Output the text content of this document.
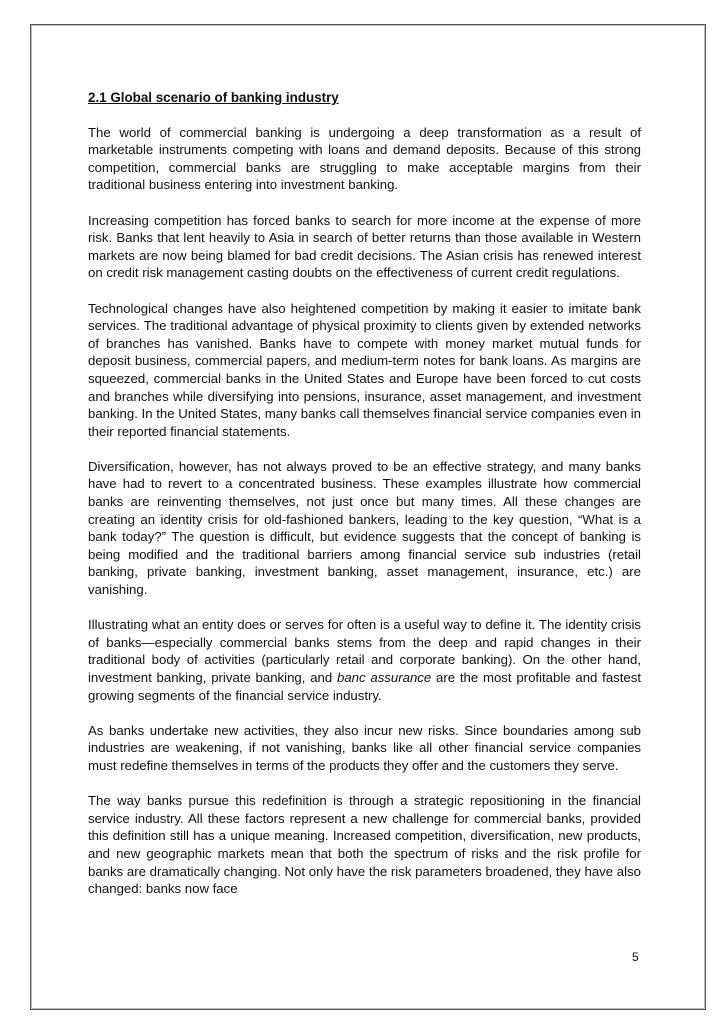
2.1 Global scenario of banking industry

The world of commercial banking is undergoing a deep transformation as a result of marketable instruments competing with loans and demand deposits. Because of this strong competition, commercial banks are struggling to make acceptable margins from their traditional business entering into investment banking.

Increasing competition has forced banks to search for more income at the expense of more risk. Banks that lent heavily to Asia in search of better returns than those available in Western markets are now being blamed for bad credit decisions. The Asian crisis has renewed interest on credit risk management casting doubts on the effectiveness of current credit regulations.

Technological changes have also heightened competition by making it easier to imitate bank services. The traditional advantage of physical proximity to clients given by extended networks of branches has vanished. Banks have to compete with money market mutual funds for deposit business, commercial papers, and medium-term notes for bank loans. As margins are squeezed, commercial banks in the United States and Europe have been forced to cut costs and branches while diversifying into pensions, insurance, asset management, and investment banking. In the United States, many banks call themselves financial service companies even in their reported financial statements.

Diversification, however, has not always proved to be an effective strategy, and many banks have had to revert to a concentrated business. These examples illustrate how commercial banks are reinventing themselves, not just once but many times. All these changes are creating an identity crisis for old-fashioned bankers, leading to the key question, “What is a bank today?” The question is difficult, but evidence suggests that the concept of banking is being modified and the traditional barriers among financial service sub industries (retail banking, private banking, investment banking, asset management, insurance, etc.) are vanishing.

Illustrating what an entity does or serves for often is a useful way to define it. The identity crisis of banks—especially commercial banks stems from the deep and rapid changes in their traditional body of activities (particularly retail and corporate banking). On the other hand, investment banking, private banking, and banc assurance are the most profitable and fastest growing segments of the financial service industry.

As banks undertake new activities, they also incur new risks. Since boundaries among sub industries are weakening, if not vanishing, banks like all other financial service companies must redefine themselves in terms of the products they offer and the customers they serve.

The way banks pursue this redefinition is through a strategic repositioning in the financial service industry. All these factors represent a new challenge for commercial banks, provided this definition still has a unique meaning. Increased competition, diversification, new products, and new geographic markets mean that both the spectrum of risks and the risk profile for banks are dramatically changing. Not only have the risk parameters broadened, they have also changed: banks now face

5
